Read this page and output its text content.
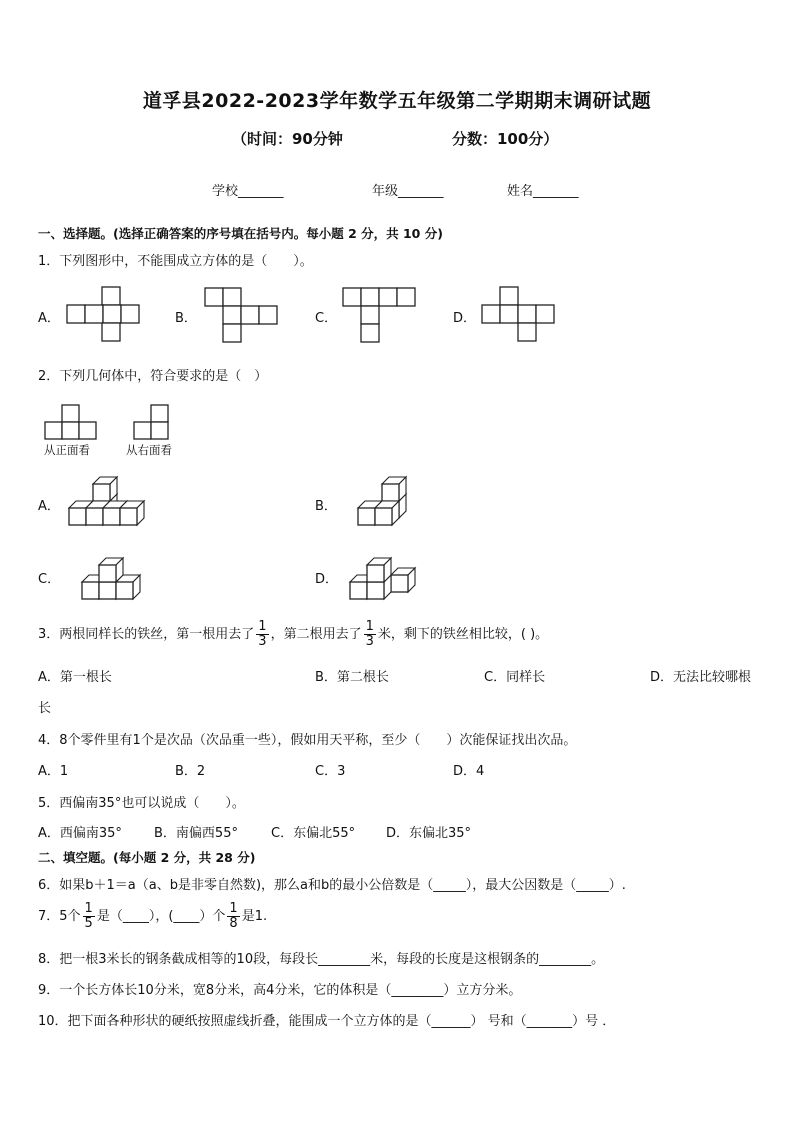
道孚县2022-2023学年数学五年级第二学期期末调研试题
（时间：90分钟	分数：100分）
学校_______	年级_______	姓名_______
一、选择题。(选择正确答案的序号填在括号内。每小题 2 分，共 10 分)
1．下列图形中，不能围成立方体的是（　　）。
A．	B．	C．	D．
2．下列几何体中，符合要求的是（　）
从正面看	从右面看
A．	B．
C．	D．
3．两根同样长的铁丝，第一根用去了 $\frac{1}{3}$ ，第二根用去了 $\frac{1}{3}$ 米，剩下的铁丝相比较，( )。
A．第一根长	B．第二根长	C．同样长	D．无法比较哪根
长
4．8个零件里有1个是次品（次品重一些），假如用天平称，至少（　　）次能保证找出次品。
A．1	B．2	C．3	D．4
5．西偏南35°也可以说成（　　）。
A．西偏南35° B．南偏西55°	C．东偏北55° D．东偏北35°
二、填空题。(每小题 2 分，共 28 分)
6．如果b＋1＝a（a、b是非零自然数)，那么a和b的最小公倍数是（_____），最大公因数是（_____）.
7．5个 $\frac{1}{5}$ 是（____），(____）个 $\frac{1}{8}$ 是1.
8．把一根3米长的钢条截成相等的10段，每段长________米，每段的长度是这根钢条的________。
9．一个长方体长10分米，宽8分米，高4分米，它的体积是（________）立方分米。
10．把下面各种形状的硬纸按照虚线折叠，能围成一个立方体的是（______） 号和（_______）号 ．
